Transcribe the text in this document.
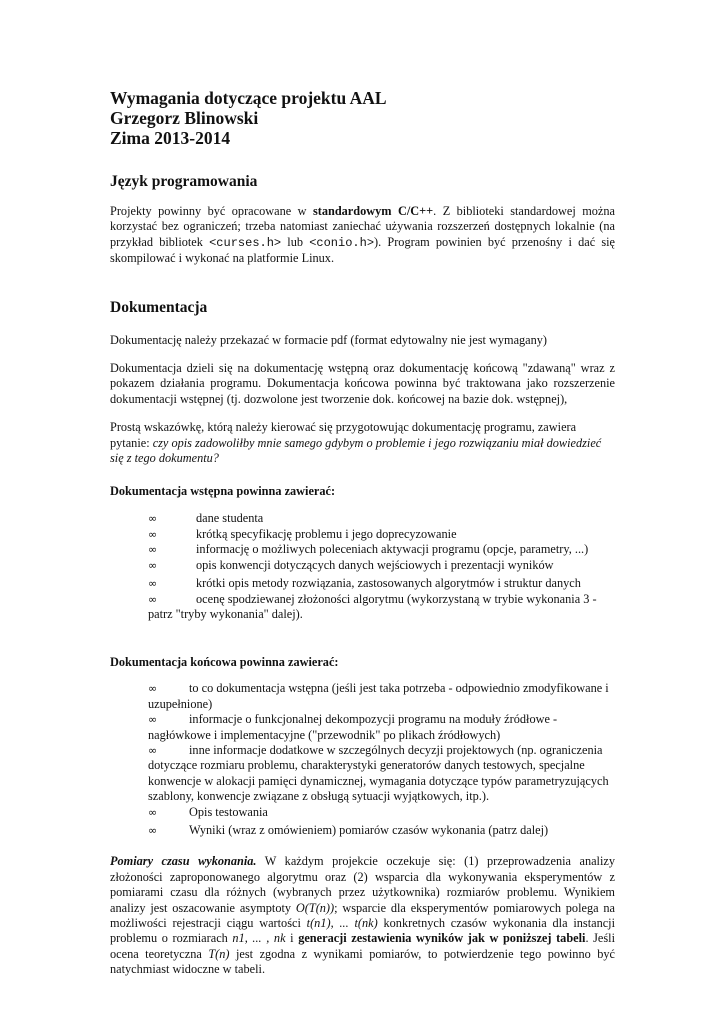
Wymagania dotyczące projektu AAL
Grzegorz Blinowski
Zima 2013-2014
Język programowania

Projekty powinny być opracowane w standardowym C/C++. Z biblioteki standardowej można korzystać bez ograniczeń; trzeba natomiast zaniechać używania rozszerzeń dostępnych lokalnie (na przykład bibliotek <curses.h> lub <conio.h>). Program powinien być przenośny i dać się skompilować i wykonać na platformie Linux.

Dokumentacja

Dokumentację należy przekazać w formacie pdf (format edytowalny nie jest wymagany)

Dokumentacja dzieli się na dokumentację wstępną oraz dokumentację końcową "zdawaną" wraz z pokazem działania programu. Dokumentacja końcowa powinna być traktowana jako rozszerzenie dokumentacji wstępnej (tj. dozwolone jest tworzenie dok. końcowej na bazie dok. wstępnej),

Prostą wskazówkę, którą należy kierować się przygotowując dokumentację programu, zawiera pytanie: czy opis zadowoliłby mnie samego gdybym o problemie i jego rozwiązaniu miał dowiedzieć się z tego dokumentu?

Dokumentacja wstępna powinna zawierać:
∞	dane studenta
∞	krótką specyfikację problemu i jego doprecyzowanie
∞	informację o możliwych poleceniach aktywacji programu (opcje, parametry, ...)
∞	opis konwencji dotyczących danych wejściowych i prezentacji wyników
∞	krótki opis metody rozwiązania, zastosowanych algorytmów i struktur danych
∞	ocenę spodziewanej złożoności algorytmu (wykorzystaną w trybie wykonania 3 - patrz "tryby wykonania" dalej).
Dokumentacja końcowa powinna zawierać:
∞	to co dokumentacja wstępna (jeśli jest taka potrzeba - odpowiednio zmodyfikowane i uzupełnione)
∞	informacje o funkcjonalnej dekompozycji programu na moduły źródłowe - nagłówkowe i implementacyjne ("przewodnik" po plikach źródłowych)
∞	inne informacje dodatkowe w szczególnych decyzji projektowych (np. ograniczenia dotyczące rozmiaru problemu, charakterystyki generatorów danych testowych, specjalne konwencje w alokacji pamięci dynamicznej, wymagania dotyczące typów parametryzujących szablony, konwencje związane z obsługą sytuacji wyjątkowych, itp.).
∞	Opis testowania
∞	Wyniki (wraz z omówieniem) pomiarów czasów wykonania (patrz dalej)

Pomiary czasu wykonania. W każdym projekcie oczekuje się: (1) przeprowadzenia analizy złożoności zaproponowanego algorytmu oraz (2) wsparcia dla wykonywania eksperymentów z pomiarami czasu dla różnych (wybranych przez użytkownika) rozmiarów problemu. Wynikiem analizy jest oszacowanie asymptoty O(T(n)); wsparcie dla eksperymentów pomiarowych polega na możliwości rejestracji ciągu wartości t(n1), ... t(nk) konkretnych czasów wykonania dla instancji problemu o rozmiarach n1, ... , nk i generacji zestawienia wyników jak w poniższej tabeli. Jeśli ocena teoretyczna T(n) jest zgodna z wynikami pomiarów, to potwierdzenie tego powinno być natychmiast widoczne w tabeli.
